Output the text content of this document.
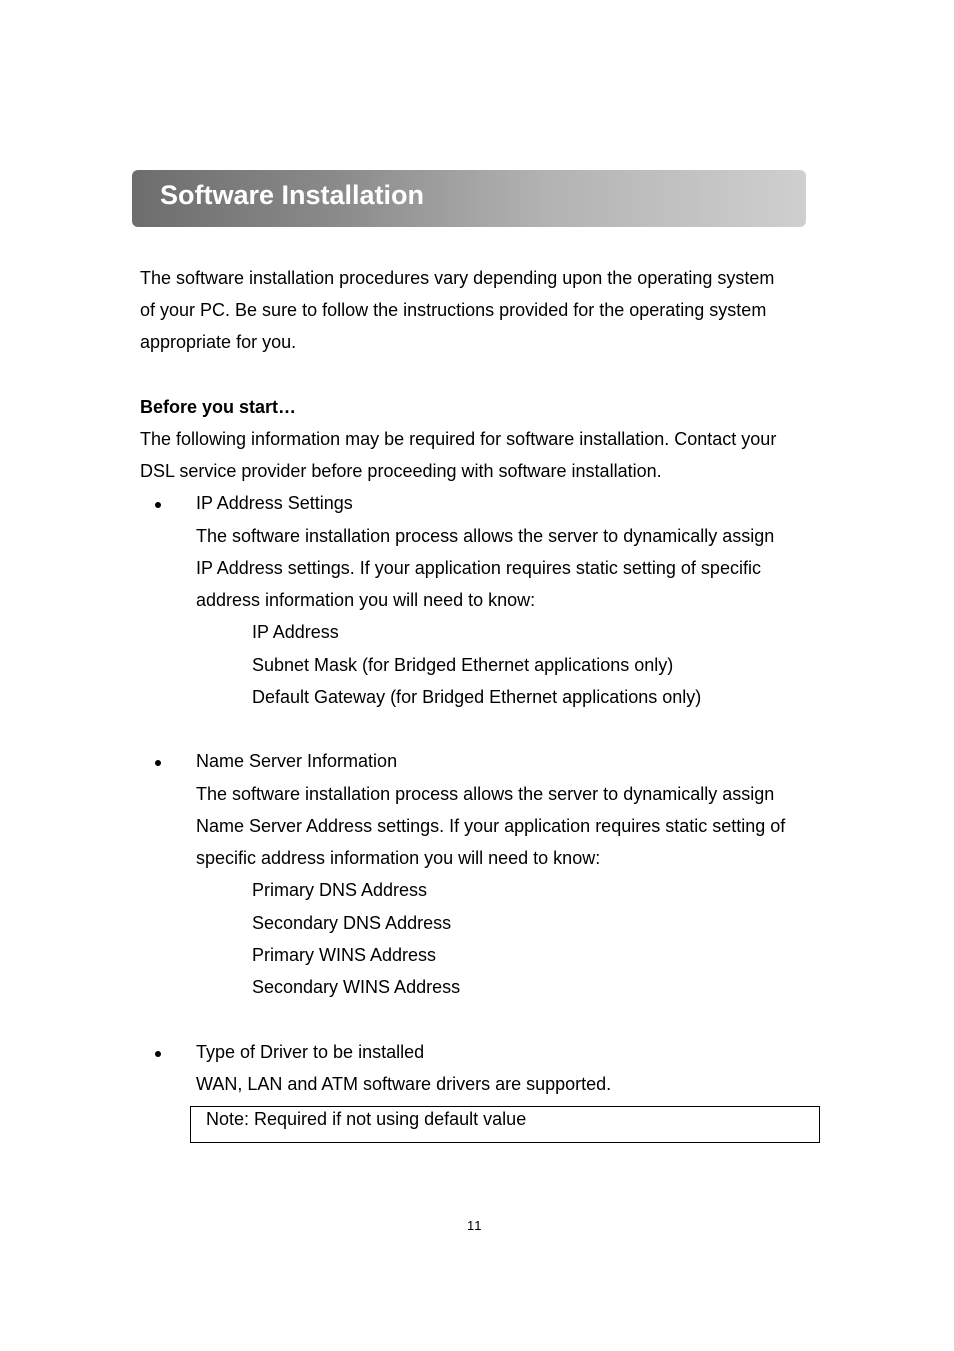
Software Installation
The software installation procedures vary depending upon the operating system
of your PC. Be sure to follow the instructions provided for the operating system
appropriate for you.
Before you start…
The following information may be required for software installation. Contact your
DSL service provider before proceeding with software installation.
IP Address Settings
The software installation process allows the server to dynamically assign
IP Address settings. If your application requires static setting of specific
address information you will need to know:
IP Address
Subnet Mask (for Bridged Ethernet applications only)
Default Gateway (for Bridged Ethernet applications only)
Name Server Information
The software installation process allows the server to dynamically assign
Name Server Address settings. If your application requires static setting of
specific address information you will need to know:
Primary DNS Address
Secondary DNS Address
Primary WINS Address
Secondary WINS Address
Type of Driver to be installed
WAN, LAN and ATM software drivers are supported.
Note: Required if not using default value
11
